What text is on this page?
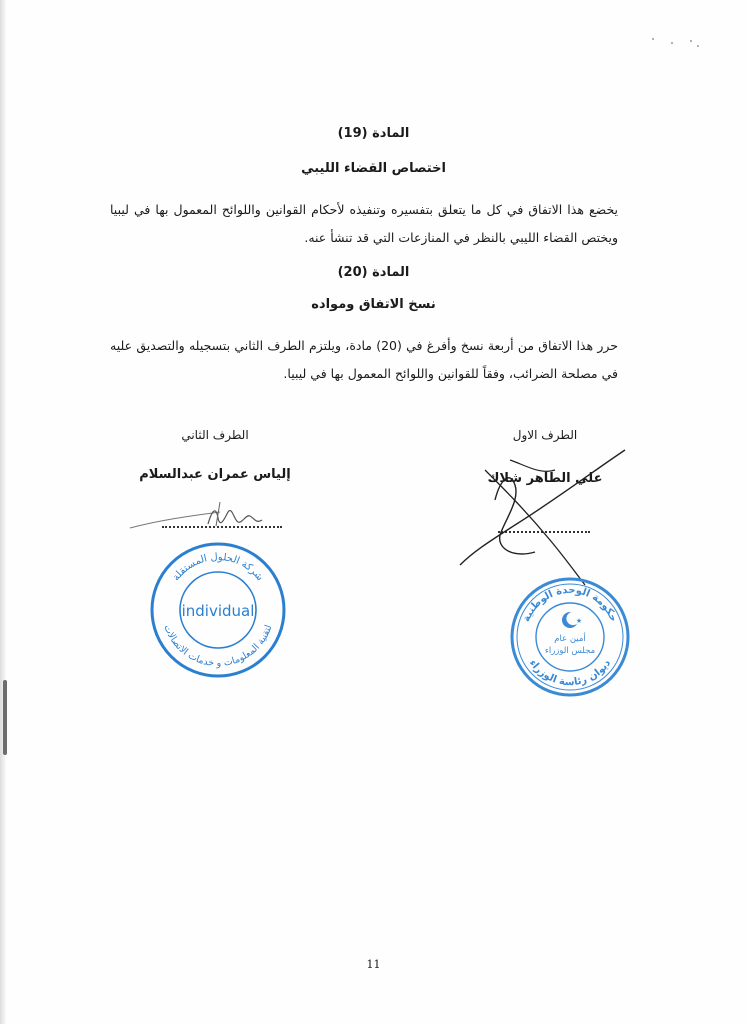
المادة (19)
اختصاص القضاء الليبي
يخضع هذا الاتفاق في كل ما يتعلق بتفسيره وتنفيذه لأحكام القوانين واللوائح المعمول بها في ليبيا ويختص القضاء الليبي بالنظر في المنازعات التي قد تنشأ عنه.
المادة (20)
نسخ الاتفاق ومواده
حرر هذا الاتفاق من أربعة نسخ وأفرغ في (20) مادة، ويلتزم الطرف الثاني بتسجيله والتصديق عليه في مصلحة الضرائب، وفقاً للقوانين واللوائح المعمول بها في ليبيا.
الطرف الثاني
إلياس عمران عبدالسلام
الطرف الاول
علي الطاهر شلاك
شركة الحلول المستقلة
لتقنية المعلومات و خدمات الاتصالات
individual	حكومة الوحدة الوطنية
ديوان رئاسة الوزراء
★
أمين عام
مجلس الوزراء
11
